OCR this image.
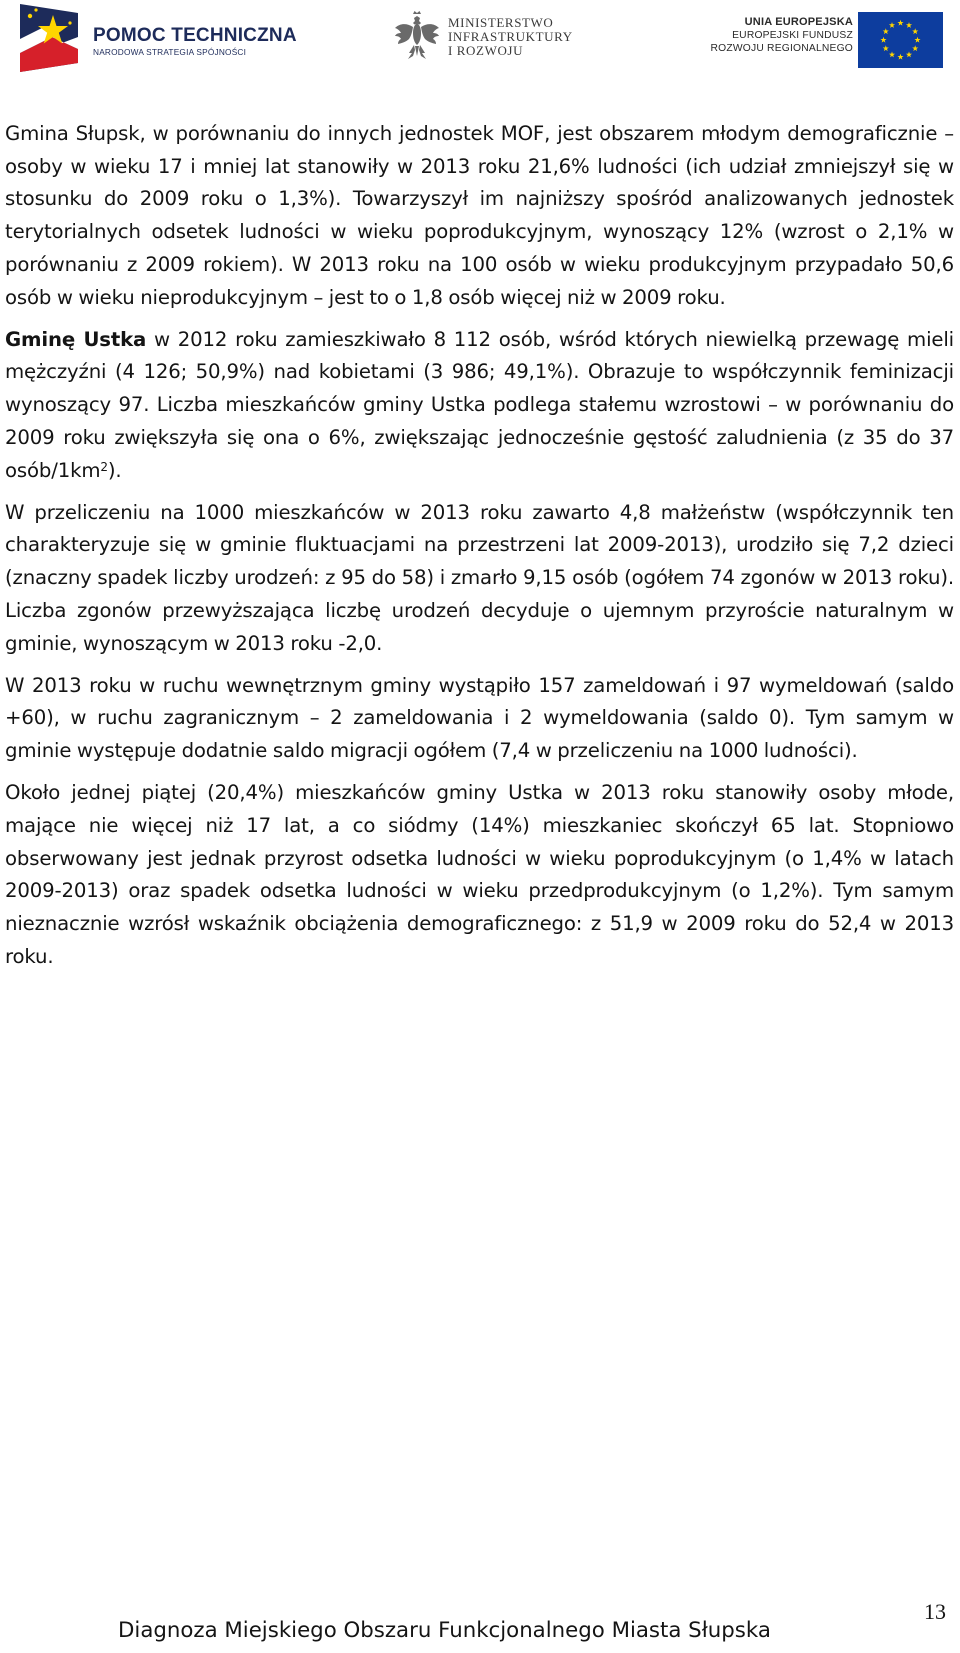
POMOC TECHNICZNA
NARODOWA STRATEGIA SPÓJNOŚCI
MINISTERSTWO
INFRASTRUKTURY
I ROZWOJU
UNIA EUROPEJSKA
EUROPEJSKI FUNDUSZ
ROZWOJU REGIONALNEGO

Gmina Słupsk, w porównaniu do innych jednostek MOF, jest obszarem młodym demograficznie – osoby w wieku 17 i mniej lat stanowiły w 2013 roku 21,6% ludności (ich udział zmniejszył się w stosunku do 2009 roku o 1,3%). Towarzyszył im najniższy spośród analizowanych jednostek terytorialnych odsetek ludności w wieku poprodukcyjnym, wynoszący 12% (wzrost o 2,1% w porównaniu z 2009 rokiem). W 2013 roku na 100 osób w wieku produkcyjnym przypadało 50,6 osób w wieku nieprodukcyjnym – jest to o 1,8 osób więcej niż w 2009 roku.

Gminę Ustka w 2012 roku zamieszkiwało 8 112 osób, wśród których niewielką przewagę mieli mężczyźni (4 126; 50,9%) nad kobietami (3 986; 49,1%). Obrazuje to współczynnik feminizacji wynoszący 97. Liczba mieszkańców gminy Ustka podlega stałemu wzrostowi – w porównaniu do 2009 roku zwiększyła się ona o 6%, zwiększając jednocześnie gęstość zaludnienia (z 35 do 37 osób/$1km^2$).

W przeliczeniu na 1000 mieszkańców w 2013 roku zawarto 4,8 małżeństw (współczynnik ten charakteryzuje się w gminie fluktuacjami na przestrzeni lat 2009-2013), urodziło się 7,2 dzieci (znaczny spadek liczby urodzeń: z 95 do 58) i zmarło 9,15 osób (ogółem 74 zgonów w 2013 roku). Liczba zgonów przewyższająca liczbę urodzeń decyduje o ujemnym przyroście naturalnym w gminie, wynoszącym w 2013 roku -2,0.

W 2013 roku w ruchu wewnętrznym gminy wystąpiło 157 zameldowań i 97 wymeldowań (saldo +60), w ruchu zagranicznym – 2 zameldowania i 2 wymeldowania (saldo 0). Tym samym w gminie występuje dodatnie saldo migracji ogółem (7,4 w przeliczeniu na 1000 ludności).

Około jednej piątej (20,4%) mieszkańców gminy Ustka w 2013 roku stanowiły osoby młode, mające nie więcej niż 17 lat, a co siódmy (14%) mieszkaniec skończył 65 lat. Stopniowo obserwowany jest jednak przyrost odsetka ludności w wieku poprodukcyjnym (o 1,4% w latach 2009-2013) oraz spadek odsetka ludności w wieku przedprodukcyjnym (o 1,2%). Tym samym nieznacznie wzrósł wskaźnik obciążenia demograficznego: z 51,9 w 2009 roku do 52,4 w 2013 roku.

Diagnoza Miejskiego Obszaru Funkcjonalnego Miasta Słupska
13
